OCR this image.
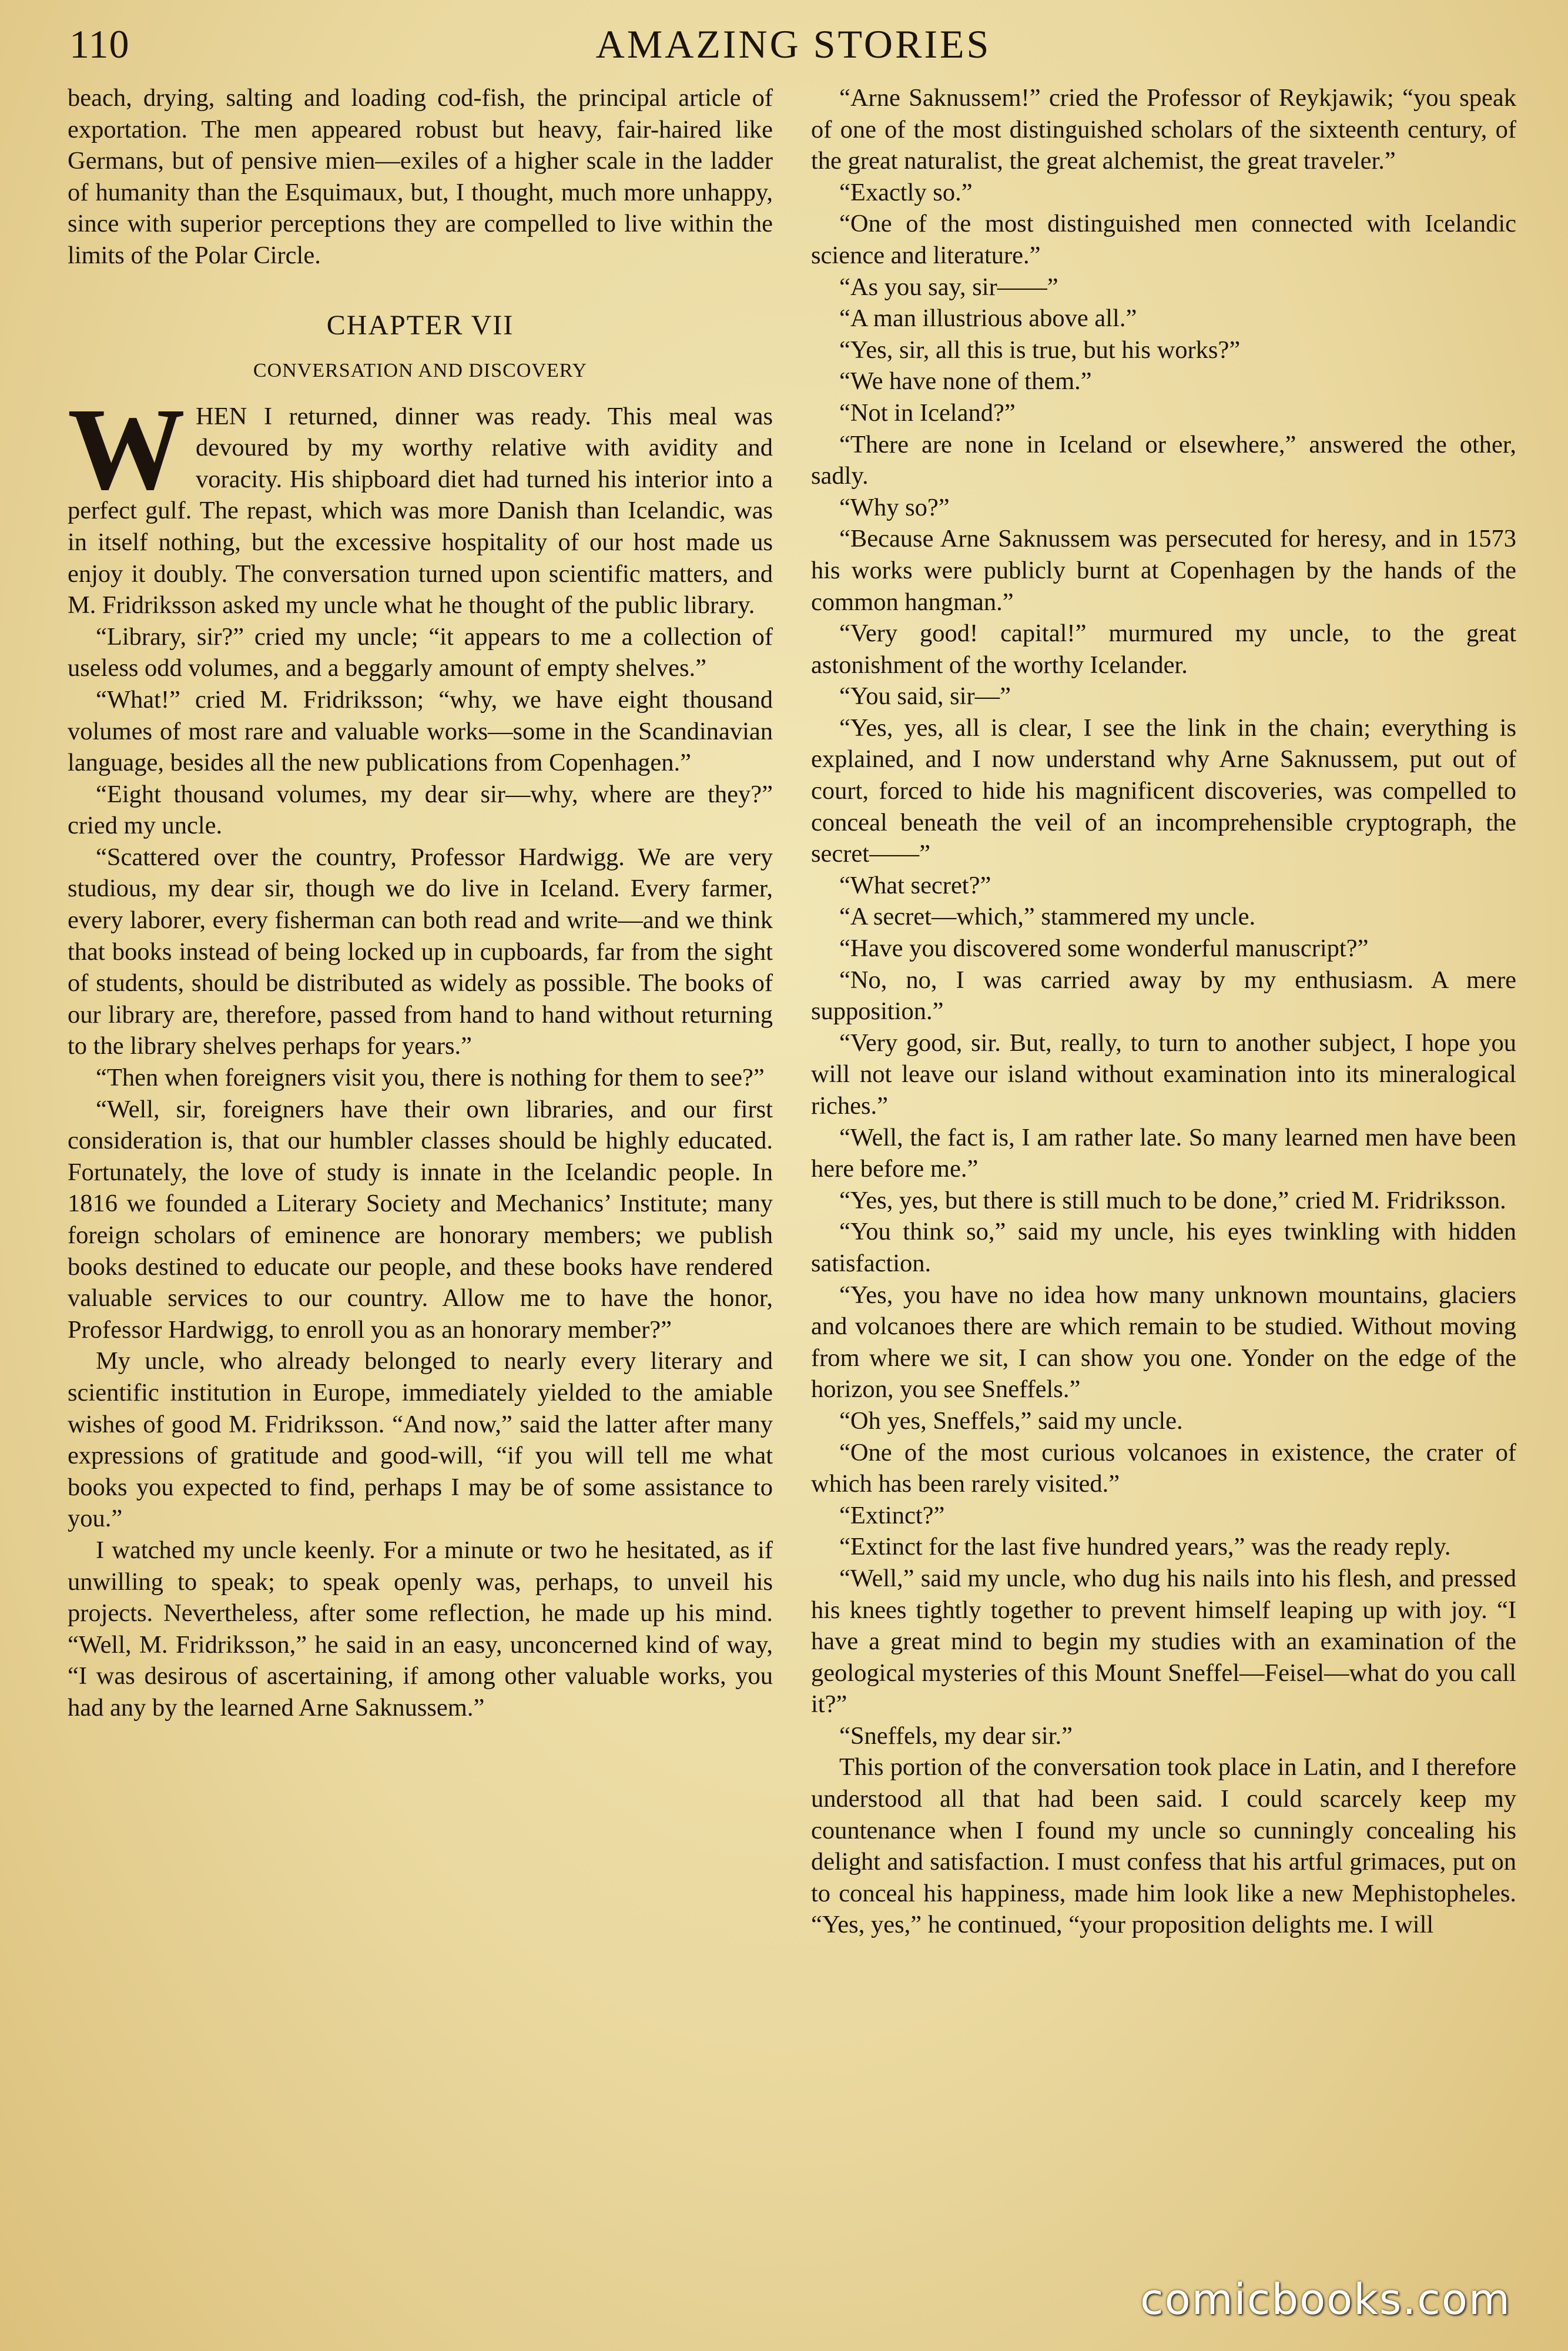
110	AMAZING STORIES

beach, drying, salting and loading cod-fish, the principal article of exportation. The men appeared robust but heavy, fair-haired like Germans, but of pensive mien—exiles of a higher scale in the ladder of humanity than the Esquimaux, but, I thought, much more unhappy, since with superior perceptions they are compelled to live within the limits of the Polar Circle.

CHAPTER VII
CONVERSATION AND DISCOVERY

WHEN I returned, dinner was ready. This meal was devoured by my worthy relative with avidity and voracity. His shipboard diet had turned his interior into a perfect gulf. The repast, which was more Danish than Icelandic, was in itself nothing, but the excessive hospitality of our host made us enjoy it doubly. The conversation turned upon scientific matters, and M. Fridriksson asked my uncle what he thought of the public library.

“Library, sir?” cried my uncle; “it appears to me a collection of useless odd volumes, and a beggarly amount of empty shelves.”

“What!” cried M. Fridriksson; “why, we have eight thousand volumes of most rare and valuable works—some in the Scandinavian language, besides all the new publications from Copenhagen.”

“Eight thousand volumes, my dear sir—why, where are they?” cried my uncle.

“Scattered over the country, Professor Hardwigg. We are very studious, my dear sir, though we do live in Iceland. Every farmer, every laborer, every fisherman can both read and write—and we think that books instead of being locked up in cupboards, far from the sight of students, should be distributed as widely as possible. The books of our library are, therefore, passed from hand to hand without returning to the library shelves perhaps for years.”

“Then when foreigners visit you, there is nothing for them to see?”

“Well, sir, foreigners have their own libraries, and our first consideration is, that our humbler classes should be highly educated. Fortunately, the love of study is innate in the Icelandic people. In 1816 we founded a Literary Society and Mechanics’ Institute; many foreign scholars of eminence are honorary members; we publish books destined to educate our people, and these books have rendered valuable services to our country. Allow me to have the honor, Professor Hardwigg, to enroll you as an honorary member?”

My uncle, who already belonged to nearly every literary and scientific institution in Europe, immediately yielded to the amiable wishes of good M. Fridriksson. “And now,” said the latter after many expressions of gratitude and good-will, “if you will tell me what books you expected to find, perhaps I may be of some assistance to you.”

I watched my uncle keenly. For a minute or two he hesitated, as if unwilling to speak; to speak openly was, perhaps, to unveil his projects. Nevertheless, after some reflection, he made up his mind. “Well, M. Fridriksson,” he said in an easy, unconcerned kind of way, “I was desirous of ascertaining, if among other valuable works, you had any by the learned Arne Saknussem.”

“Arne Saknussem!” cried the Professor of Reykjawik; “you speak of one of the most distinguished scholars of the sixteenth century, of the great naturalist, the great alchemist, the great traveler.”

“Exactly so.”

“One of the most distinguished men connected with Icelandic science and literature.”

“As you say, sir——”

“A man illustrious above all.”

“Yes, sir, all this is true, but his works?”

“We have none of them.”

“Not in Iceland?”

“There are none in Iceland or elsewhere,” answered the other, sadly.

“Why so?”

“Because Arne Saknussem was persecuted for heresy, and in 1573 his works were publicly burnt at Copenhagen by the hands of the common hangman.”

“Very good! capital!” murmured my uncle, to the great astonishment of the worthy Icelander.

“You said, sir—”

“Yes, yes, all is clear, I see the link in the chain; everything is explained, and I now understand why Arne Saknussem, put out of court, forced to hide his magnificent discoveries, was compelled to conceal beneath the veil of an incomprehensible cryptograph, the secret——”

“What secret?”

“A secret—which,” stammered my uncle.

“Have you discovered some wonderful manuscript?”

“No, no, I was carried away by my enthusiasm. A mere supposition.”

“Very good, sir. But, really, to turn to another subject, I hope you will not leave our island without examination into its mineralogical riches.”

“Well, the fact is, I am rather late. So many learned men have been here before me.”

“Yes, yes, but there is still much to be done,” cried M. Fridriksson.

“You think so,” said my uncle, his eyes twinkling with hidden satisfaction.

“Yes, you have no idea how many unknown mountains, glaciers and volcanoes there are which remain to be studied. Without moving from where we sit, I can show you one. Yonder on the edge of the horizon, you see Sneffels.”

“Oh yes, Sneffels,” said my uncle.

“One of the most curious volcanoes in existence, the crater of which has been rarely visited.”

“Extinct?”

“Extinct for the last five hundred years,” was the ready reply.

“Well,” said my uncle, who dug his nails into his flesh, and pressed his knees tightly together to prevent himself leaping up with joy. “I have a great mind to begin my studies with an examination of the geological mysteries of this Mount Sneffel—Feisel—what do you call it?”

“Sneffels, my dear sir.”

This portion of the conversation took place in Latin, and I therefore understood all that had been said. I could scarcely keep my countenance when I found my uncle so cunningly concealing his delight and satisfaction. I must confess that his artful grimaces, put on to conceal his happiness, made him look like a new Mephistopheles. “Yes, yes,” he continued, “your proposition delights me. I will

comicbooks.com
